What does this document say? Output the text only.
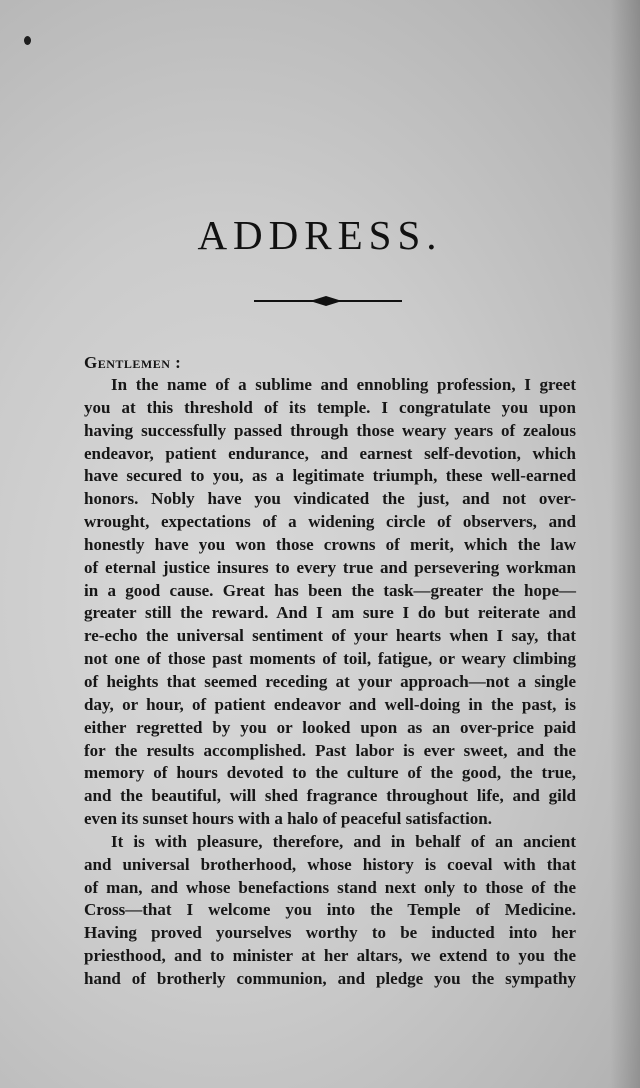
ADDRESS.
Gentlemen :
In the name of a sublime and ennobling profession, I greet
you at this threshold of its temple. I congratulate you upon
having successfully passed through those weary years of zealous
endeavor, patient endurance, and earnest self-devotion, which
have secured to you, as a legitimate triumph, these well-earned
honors. Nobly have you vindicated the just, and not over-
wrought, expectations of a widening circle of observers, and
honestly have you won those crowns of merit, which the law
of eternal justice insures to every true and persevering workman
in a good cause. Great has been the task—greater the hope—
greater still the reward. And I am sure I do but reiterate and
re-echo the universal sentiment of your hearts when I say, that
not one of those past moments of toil, fatigue, or weary climbing
of heights that seemed receding at your approach—not a single
day, or hour, of patient endeavor and well-doing in the past, is
either regretted by you or looked upon as an over-price paid
for the results accomplished. Past labor is ever sweet, and the
memory of hours devoted to the culture of the good, the true,
and the beautiful, will shed fragrance throughout life, and gild
even its sunset hours with a halo of peaceful satisfaction.
It is with pleasure, therefore, and in behalf of an ancient
and universal brotherhood, whose history is coeval with that
of man, and whose benefactions stand next only to those of the
Cross—that I welcome you into the Temple of Medicine.
Having proved yourselves worthy to be inducted into her
priesthood, and to minister at her altars, we extend to you the
hand of brotherly communion, and pledge you the sympathy
